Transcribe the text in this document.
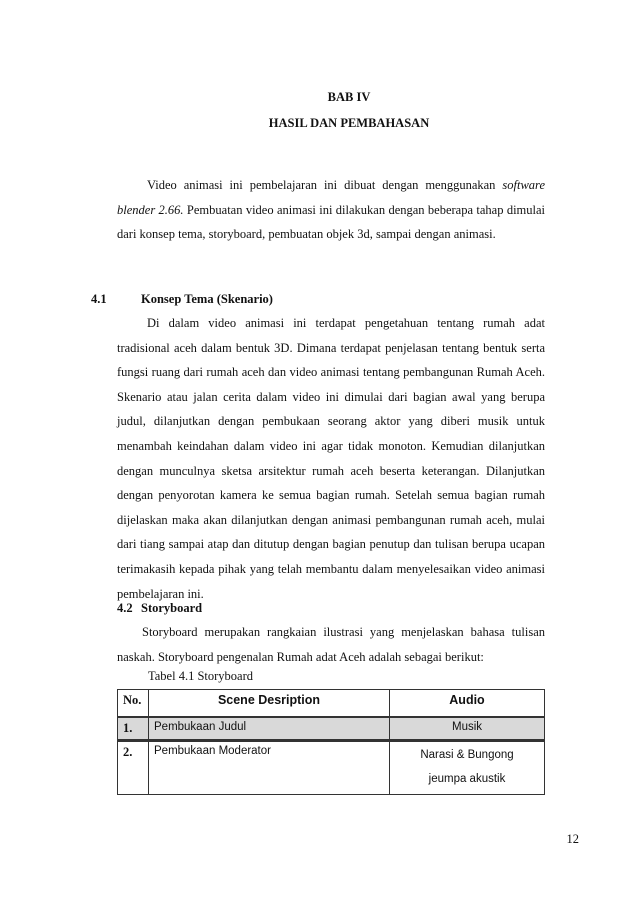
BAB IV
HASIL DAN PEMBAHASAN

Video animasi ini pembelajaran ini dibuat dengan menggunakan software blender 2.66. Pembuatan video animasi ini dilakukan dengan beberapa tahap dimulai dari konsep tema, storyboard, pembuatan objek 3d, sampai dengan animasi.

4.1	Konsep Tema (Skenario)

Di dalam video animasi ini terdapat pengetahuan tentang rumah adat tradisional aceh dalam bentuk 3D. Dimana terdapat penjelasan tentang bentuk serta fungsi ruang dari rumah aceh dan video animasi tentang pembangunan Rumah Aceh. Skenario atau jalan cerita dalam video ini dimulai dari bagian awal yang berupa judul, dilanjutkan dengan pembukaan seorang aktor yang diberi musik untuk menambah keindahan dalam video ini agar tidak monoton. Kemudian dilanjutkan dengan munculnya sketsa arsitektur rumah aceh beserta keterangan. Dilanjutkan dengan penyorotan kamera ke semua bagian rumah. Setelah semua bagian rumah dijelaskan maka akan dilanjutkan dengan animasi pembangunan rumah aceh, mulai dari tiang sampai atap dan ditutup dengan bagian penutup dan tulisan berupa ucapan terimakasih kepada pihak yang telah membantu dalam menyelesaikan video animasi pembelajaran ini.

4.2 Storyboard

Storyboard merupakan rangkaian ilustrasi yang menjelaskan bahasa tulisan naskah. Storyboard pengenalan Rumah adat Aceh adalah sebagai berikut:

Tabel 4.1 Storyboard
No.	Scene Desription	Audio
1.	Pembukaan Judul	Musik
2.	Pembukaan Moderator	Narasi & Bungong jeumpa akustik
12
